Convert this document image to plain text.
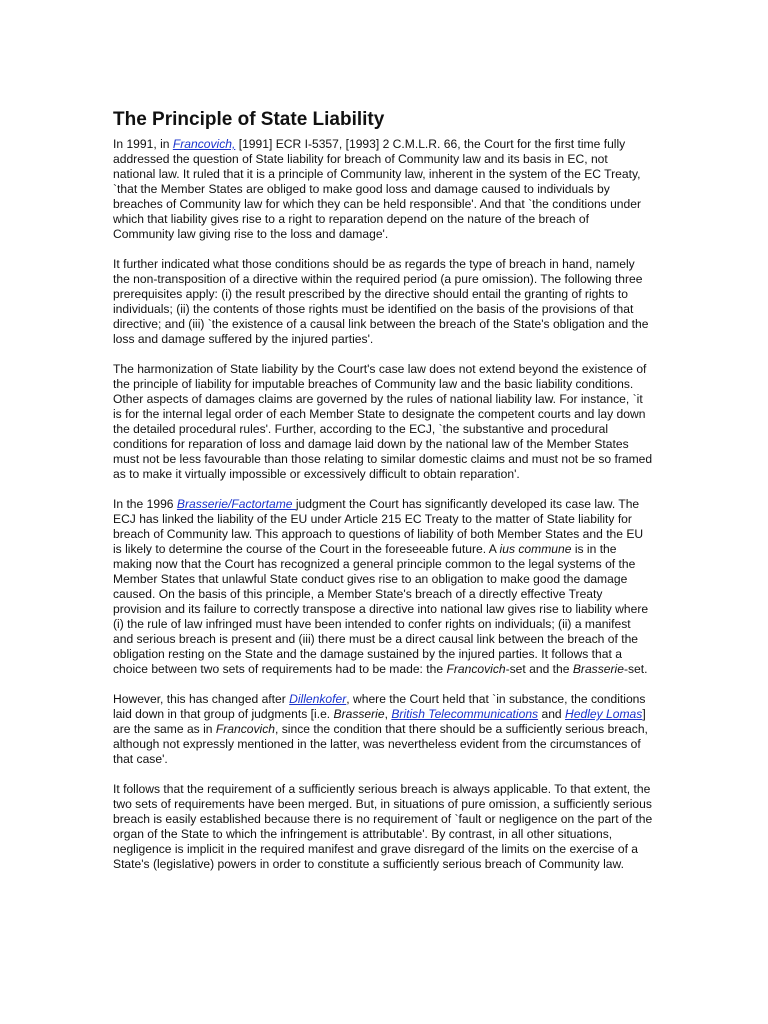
The Principle of State Liability

In 1991, in Francovich, [1991] ECR I-5357, [1993] 2 C.M.L.R. 66, the Court for the first time fully addressed the question of State liability for breach of Community law and its basis in EC, not national law. It ruled that it is a principle of Community law, inherent in the system of the EC Treaty, `that the Member States are obliged to make good loss and damage caused to individuals by breaches of Community law for which they can be held responsible'. And that `the conditions under which that liability gives rise to a right to reparation depend on the nature of the breach of Community law giving rise to the loss and damage'.

It further indicated what those conditions should be as regards the type of breach in hand, namely the non-transposition of a directive within the required period (a pure omission). The following three prerequisites apply: (i) the result prescribed by the directive should entail the granting of rights to individuals; (ii) the contents of those rights must be identified on the basis of the provisions of that directive; and (iii) `the existence of a causal link between the breach of the State's obligation and the loss and damage suffered by the injured parties'.

The harmonization of State liability by the Court's case law does not extend beyond the existence of the principle of liability for imputable breaches of Community law and the basic liability conditions. Other aspects of damages claims are governed by the rules of national liability law. For instance, `it is for the internal legal order of each Member State to designate the competent courts and lay down the detailed procedural rules'. Further, according to the ECJ, `the substantive and procedural conditions for reparation of loss and damage laid down by the national law of the Member States must not be less favourable than those relating to similar domestic claims and must not be so framed as to make it virtually impossible or excessively difficult to obtain reparation'.

In the 1996 Brasserie/Factortame judgment the Court has significantly developed its case law. The ECJ has linked the liability of the EU under Article 215 EC Treaty to the matter of State liability for breach of Community law. This approach to questions of liability of both Member States and the EU is likely to determine the course of the Court in the foreseeable future. A ius commune is in the making now that the Court has recognized a general principle common to the legal systems of the Member States that unlawful State conduct gives rise to an obligation to make good the damage caused. On the basis of this principle, a Member State's breach of a directly effective Treaty provision and its failure to correctly transpose a directive into national law gives rise to liability where (i) the rule of law infringed must have been intended to confer rights on individuals; (ii) a manifest and serious breach is present and (iii) there must be a direct causal link between the breach of the obligation resting on the State and the damage sustained by the injured parties. It follows that a choice between two sets of requirements had to be made: the Francovich-set and the Brasserie-set.

However, this has changed after Dillenkofer, where the Court held that `in substance, the conditions laid down in that group of judgments [i.e. Brasserie, British Telecommunications and Hedley Lomas] are the same as in Francovich, since the condition that there should be a sufficiently serious breach, although not expressly mentioned in the latter, was nevertheless evident from the circumstances of that case'.

It follows that the requirement of a sufficiently serious breach is always applicable. To that extent, the two sets of requirements have been merged. But, in situations of pure omission, a sufficiently serious breach is easily established because there is no requirement of `fault or negligence on the part of the organ of the State to which the infringement is attributable'. By contrast, in all other situations, negligence is implicit in the required manifest and grave disregard of the limits on the exercise of a State's (legislative) powers in order to constitute a sufficiently serious breach of Community law.
